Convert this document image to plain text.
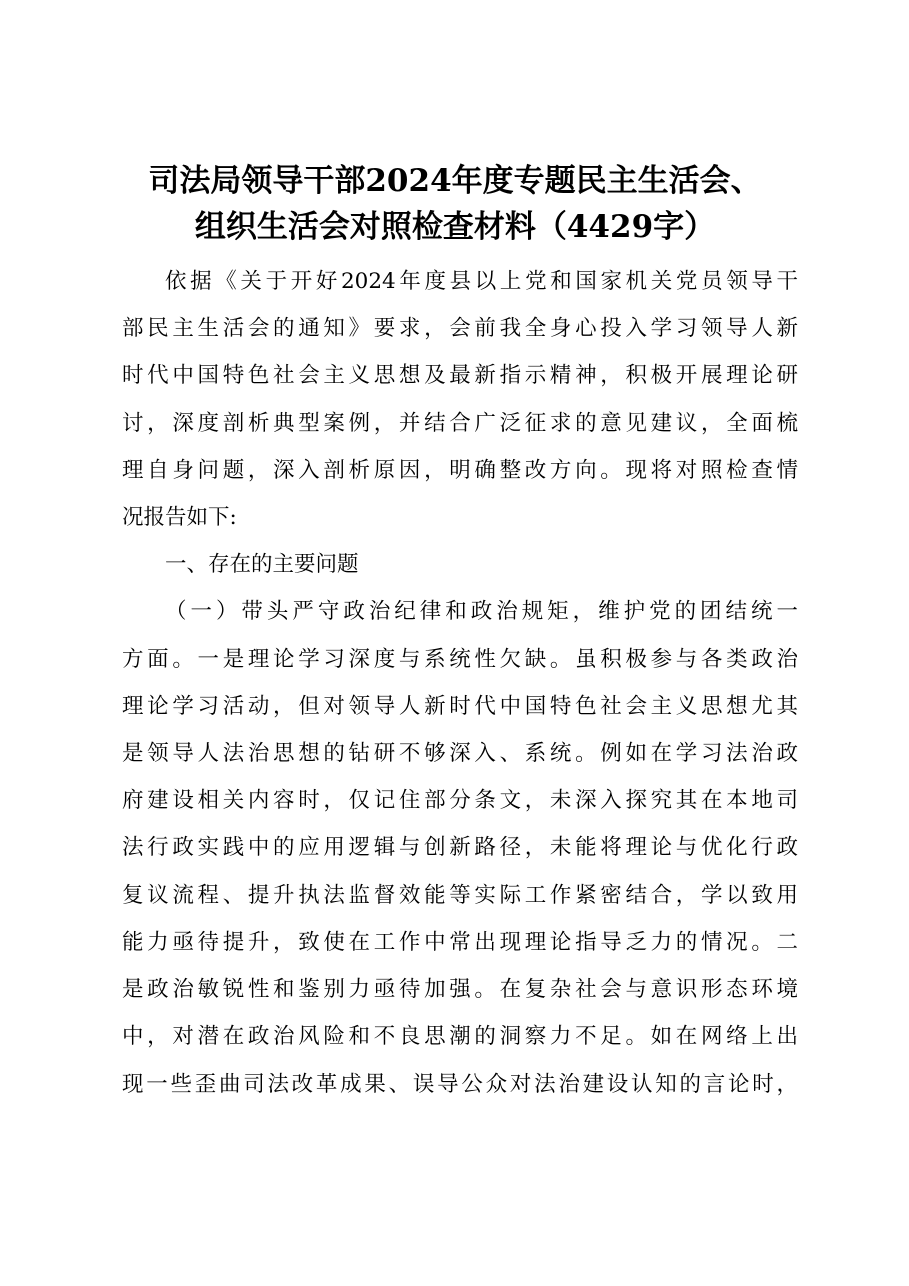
司法局领导干部2024年度专题民主生活会、
组织生活会对照检查材料（4429字）
依据《关于开好2024年度县以上党和国家机关党员领导干
部民主生活会的通知》要求，会前我全身心投入学习领导人新
时代中国特色社会主义思想及最新指示精神，积极开展理论研
讨，深度剖析典型案例，并结合广泛征求的意见建议，全面梳
理自身问题，深入剖析原因，明确整改方向。现将对照检查情
况报告如下:
一、存在的主要问题
（一）带头严守政治纪律和政治规矩，维护党的团结统一
方面。一是理论学习深度与系统性欠缺。虽积极参与各类政治
理论学习活动，但对领导人新时代中国特色社会主义思想尤其
是领导人法治思想的钻研不够深入、系统。例如在学习法治政
府建设相关内容时，仅记住部分条文，未深入探究其在本地司
法行政实践中的应用逻辑与创新路径，未能将理论与优化行政
复议流程、提升执法监督效能等实际工作紧密结合，学以致用
能力亟待提升，致使在工作中常出现理论指导乏力的情况。二
是政治敏锐性和鉴别力亟待加强。在复杂社会与意识形态环境
中，对潜在政治风险和不良思潮的洞察力不足。如在网络上出
现一些歪曲司法改革成果、误导公众对法治建设认知的言论时，
